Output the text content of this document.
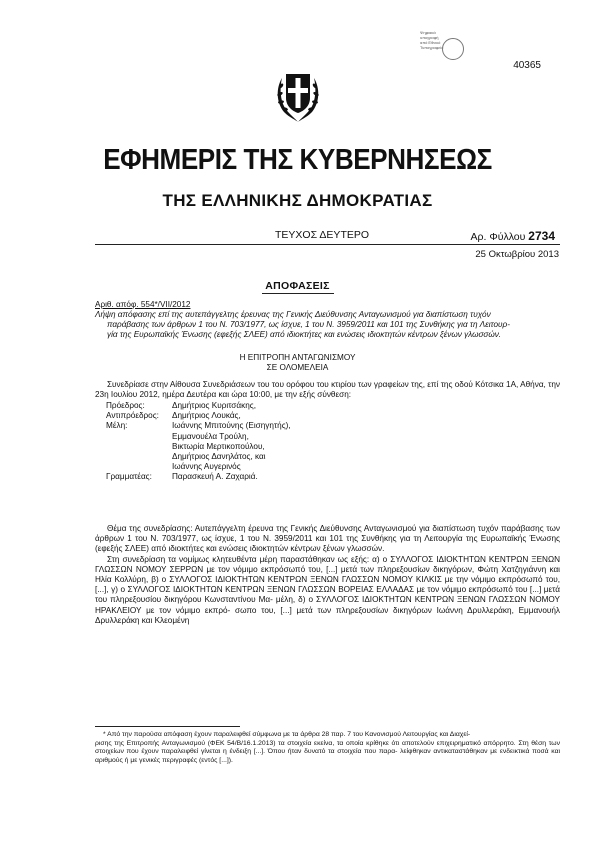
Ψηφιακά
υπογραφή
από Εθνικό
Τυπογραφείο
40365
ΕΦΗΜΕΡΙΣ ΤΗΣ ΚΥΒΕΡΝΗΣΕΩΣ
ΤΗΣ ΕΛΛΗΝΙΚΗΣ ΔΗΜΟΚΡΑΤΙΑΣ
ΤΕΥΧΟΣ ΔΕΥΤΕΡΟ	Αρ. Φύλλου 2734
25 Οκτωβρίου 2013
ΑΠΟΦΑΣΕΙΣ
Αριθ. απόφ. 554*/VII/2012
Λήψη απόφασης επί της αυτεπάγγελτης έρευνας της Γενικής Διεύθυνσης Ανταγωνισμού για διαπίστωση τυχόν
παράβασης των άρθρων 1 του Ν. 703/1977, ως ίσχυε, 1 του Ν. 3959/2011 και 101 της Συνθήκης για τη Λειτουρ-
γία της Ευρωπαϊκής Ένωσης (εφεξής ΣΛΕΕ) από ιδιοκτήτες και ενώσεις ιδιοκτητών κέντρων ξένων γλωσσών.
Η ΕΠΙΤΡΟΠΗ ΑΝΤΑΓΩΝΙΣΜΟΥ
ΣΕ ΟΛΟΜΕΛΕΙΑ
Συνεδρίασε στην Αίθουσα Συνεδριάσεων του του ορόφου του κτιρίου των γραφείων της, επί της οδού Κότσικα 1Α, Αθήνα, την 23η Ιουλίου 2012, ημέρα Δευτέρα και ώρα 10:00, με την εξής σύνθεση:
Πρόεδρος:	Δημήτριος Κυριτσάκης,
Αντιπρόεδρος: Δημήτριος Λουκάς,
Μέλη:	Ιωάννης Μπιτούνης (Εισηγητής),
Εμμανουέλα Τρούλη,
Βικτωρία Μερτικοπούλου,
Δημήτριος Δανηλάτος, και
Ιωάννης Αυγερινός
Γραμματέας: Παρασκευή Α. Ζαχαριά.
Θέμα της συνεδρίασης: Αυτεπάγγελτη έρευνα της Γενικής Διεύθυνσης Ανταγωνισμού για διαπίστωση τυχόν παράβασης των άρθρων 1 του Ν. 703/1977, ως ίσχυε, 1 του Ν. 3959/2011 και 101 της Συνθήκης για τη Λειτουργία της Ευρωπαϊκής Ένωσης (εφεξής ΣΛΕΕ) από ιδιοκτήτες και ενώσεις ιδιοκτητών κέντρων ξένων γλωσσών.
Στη συνεδρίαση τα νομίμως κλητευθέντα μέρη παραστάθηκαν ως εξής: α) ο ΣΥΛΛΟΓΟΣ ΙΔΙΟΚΤΗΤΩΝ ΚΕΝΤΡΩΝ ΞΕΝΩΝ ΓΛΩΣΣΩΝ ΝΟΜΟΥ ΣΕΡΡΩΝ με τον νόμιμο εκπρόσωπό του, [...] μετά των πληρεξουσίων δικηγόρων, Φώτη Χατζηγιάννη και Ηλία Κολλύρη, β) ο ΣΥΛΛΟΓΟΣ ΙΔΙΟΚΤΗΤΩΝ ΚΕΝΤΡΩΝ ΞΕΝΩΝ ΓΛΩΣΣΩΝ ΝΟΜΟΥ ΚΙΛΚΙΣ με την νόμιμο εκπρόσωπό του, [...], γ) ο ΣΥΛΛΟΓΟΣ ΙΔΙΟΚΤΗΤΩΝ ΚΕΝΤΡΩΝ ΞΕΝΩΝ ΓΛΩΣΣΩΝ ΒΟΡΕΙΑΣ ΕΛΛΑΔΑΣ με τον νόμιμο εκπρόσωπό του [...] μετά του πληρεξουσίου δικηγόρου Κωνσταντίνου Μα- μέλη, δ) ο ΣΥΛΛΟΓΟΣ ΙΔΙΟΚΤΗΤΩΝ ΚΕΝΤΡΩΝ ΞΕΝΩΝ ΓΛΩΣΣΩΝ ΝΟΜΟΥ ΗΡΑΚΛΕΙΟΥ με τον νόμιμο εκπρό- σωπο του, [...] μετά των πληρεξουσίων δικηγόρων Ιωάννη Δρυλλεράκη, Εμμανουήλ Δρυλλεράκη και Κλεομένη
* Από την παρούσα απόφαση έχουν παραλειφθεί σύμφωνα με τα άρθρα 28 παρ. 7 του Κανονισμού Λειτουργίας και Διαχεί-
ρισης της Επιτροπής Ανταγωνισμού (ΦΕΚ 54/Β/16.1.2013) τα στοιχεία εκείνα, τα οποία κρίθηκε ότι αποτελούν επιχειρηματικό απόρρητο. Στη θέση των στοιχείων που έχουν παραλειφθεί γίνεται η ένδειξη [...]. Όπου ήταν δυνατό τα στοιχεία που παρα- λείφθηκαν αντικαταστάθηκαν με ενδεικτικά ποσά και αριθμούς ή με γενικές περιγραφές (εντός [...]).
